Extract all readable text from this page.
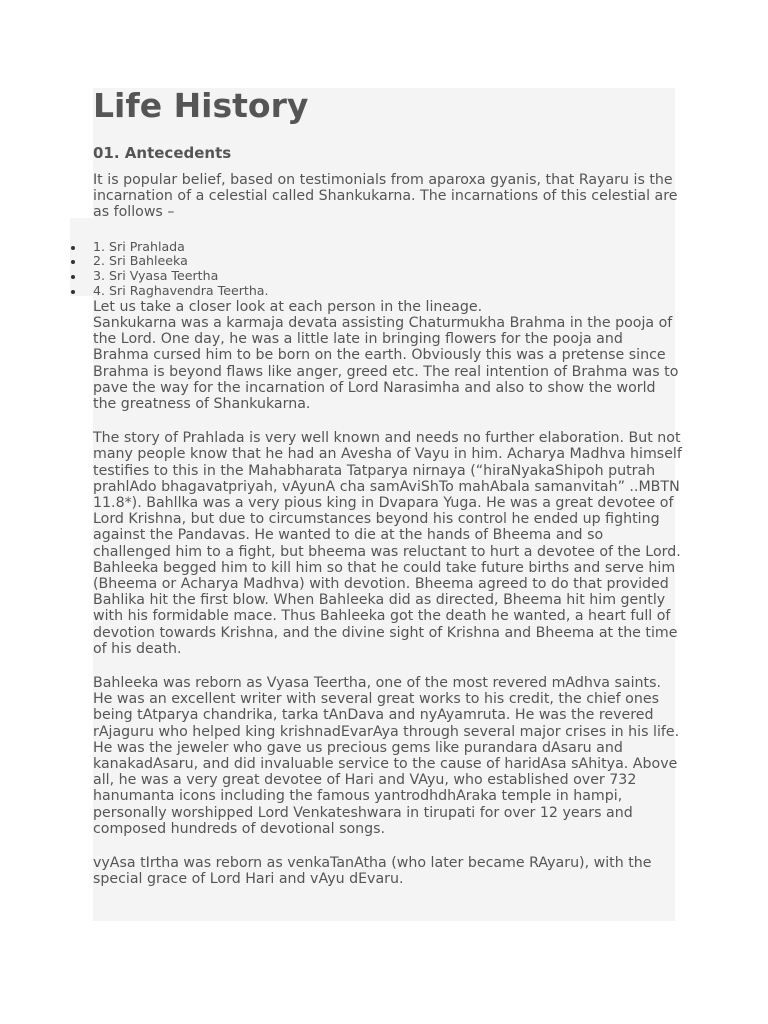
Life History
01. Antecedents

It is popular belief, based on testimonials from aparoxa gyanis, that Rayaru is the incarnation of a celestial called Shankukarna. The incarnations of this celestial are as follows –

1. Sri Prahlada
2. Sri Bahleeka
3. Sri Vyasa Teertha
4. Sri Raghavendra Teertha.

Let us take a closer look at each person in the lineage.

Sankukarna was a karmaja devata assisting Chaturmukha Brahma in the pooja of the Lord. One day, he was a little late in bringing flowers for the pooja and Brahma cursed him to be born on the earth. Obviously this was a pretense since Brahma is beyond flaws like anger, greed etc. The real intention of Brahma was to pave the way for the incarnation of Lord Narasimha and also to show the world the greatness of Shankukarna.

The story of Prahlada is very well known and needs no further elaboration. But not many people know that he had an Avesha of Vayu in him. Acharya Madhva himself testifies to this in the Mahabharata Tatparya nirnaya (“hiraNyakaShipoh putrah prahlAdo bhagavatpriyah, vAyunA cha samAviShTo mahAbala samanvitah” ..MBTN 11.8*). Bahllka was a very pious king in Dvapara Yuga. He was a great devotee of Lord Krishna, but due to circumstances beyond his control he ended up fighting against the Pandavas. He wanted to die at the hands of Bheema and so challenged him to a fight, but bheema was reluctant to hurt a devotee of the Lord. Bahleeka begged him to kill him so that he could take future births and serve him (Bheema or Acharya Madhva) with devotion. Bheema agreed to do that provided Bahlika hit the first blow. When Bahleeka did as directed, Bheema hit him gently with his formidable mace. Thus Bahleeka got the death he wanted, a heart full of devotion towards Krishna, and the divine sight of Krishna and Bheema at the time of his death.

Bahleeka was reborn as Vyasa Teertha, one of the most revered mAdhva saints. He was an excellent writer with several great works to his credit, the chief ones being tAtparya chandrika, tarka tAnDava and nyAyamruta. He was the revered rAjaguru who helped king krishnadEvarAya through several major crises in his life. He was the jeweler who gave us precious gems like purandara dAsaru and kanakadAsaru, and did invaluable service to the cause of haridAsa sAhitya. Above all, he was a very great devotee of Hari and VAyu, who established over 732 hanumanta icons including the famous yantrodhdhAraka temple in hampi, personally worshipped Lord Venkateshwara in tirupati for over 12 years and composed hundreds of devotional songs.

vyAsa tIrtha was reborn as venkaTanAtha (who later became RAyaru), with the special grace of Lord Hari and vAyu dEvaru.
